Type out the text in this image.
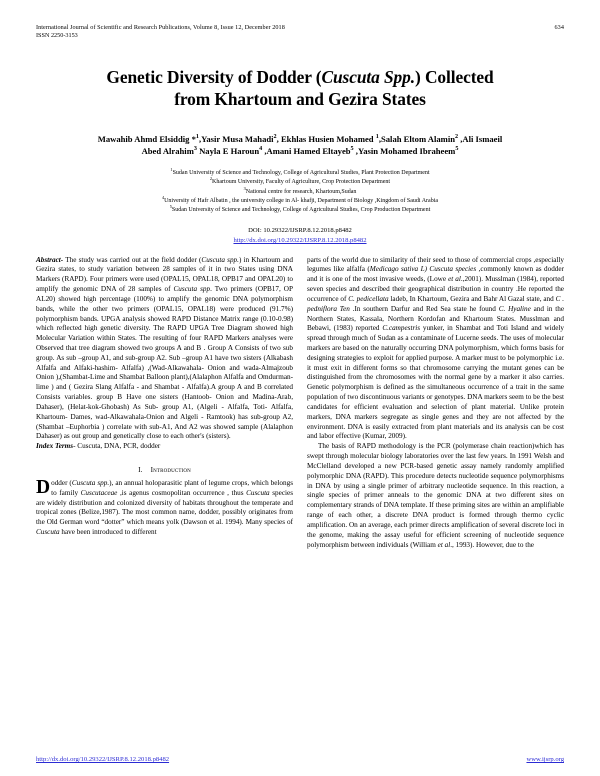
International Journal of Scientific and Research Publications, Volume 8, Issue 12, December 2018	634
ISSN 2250-3153
Genetic Diversity of Dodder (Cuscuta Spp.) Collected
from Khartoum and Gezira States
Mawahib Ahmd Elsiddig *$^1$,Yasir Musa Mahadi$^2$, Ekhlas Husien Mohamed $^1$,Salah Eltom Alamin$^2$ ,Ali Ismaeil
Abed Alrahim$^3$ Nayla E Haroun$^4$ ,Amani Hamed Eltayeb$^5$ ,Yasin Mohamed Ibraheem$^5$
$^1$Sudan University of Science and Technology, College of Agricultural Studies, Plant Protection Department
$^2$Khartoum University, Faculty of Agriculture, Crop Protection Department
$^3$National centre for research, Khartoum,Sudan
$^4$University of Hafr Albatin , the university college in Al- khafji, Department of Biology ,Kingdom of Saudi Arabia
$^5$Sudan University of Science and Technology, College of Agricultural Studies, Crop Production Department
DOI: 10.29322/IJSRP.8.12.2018.p8482
http://dx.doi.org/10.29322/IJSRP.8.12.2018.p8482

Abstract- The study was carried out at the field dodder (Cuscuta spp.) in Khartoum and Gezira states, to study variation between 28 samples of it in two States using DNA Markers (RAPD). Four primers were used (OPAL15, OPAL18, OPB17 and OPAL20) to amplify the genomic DNA of 28 samples of Cuscuta spp. Two primers (OPB17, OP AL20) showed high percentage (100%) to amplify the genomic DNA polymorphism bands, while the other two primers (OPAL15, OPAL18) were produced (91.7%) polymorphism bands. UPGA analysis showed RAPD Distance Matrix range (0.10-0.98) which reflected high genetic diversity. The RAPD UPGA Tree Diagram showed high Molecular Variation within States. The resulting of four RAPD Markers analyses were Observed that tree diagram showed two groups A and B . Group A Consists of two sub group. As sub –group A1, and sub-group A2. Sub –group A1 have two sisters (Alkabash Alfalfa and Alfaki-hashim- Alfalfa) ,(Wad-Alkawahala- Onion and wada-Almajzoub Onion ),(Shambat-Lime and Shambat Balloon plant),(Alalaphon Alfalfa and Omdurman- lime ) and ( Gezira Slang Alfalfa - and Shambat - Alfalfa).A group A and B correlated Consists variables. group B Have one sisters (Hantoob- Onion and Madina-Arab, Dahaser), (Helat-kok-Ghobash) As Sub- group A1, (Algeli - Alfalfa, Toti- Alfalfa, Khartoum- Dames, wad-Alkawahala-Onion and Algeli - Ramtook) has sub-group A2, (Shambat –Euphorbia ) correlate with sub-A1, And A2 was showed sample (Alalaphon Dahaser) as out group and genetically close to each other's (sisters).

Index Terms- Cuscuta, DNA, PCR, dodder

I. Introduction

Dodder (Cuscuta spp.), an annual holoparasitic plant of legume crops, which belongs to family Cuscutaceae ,is agenus cosmopolitan occurrence , thus Cuscuta species are widely distribution and colonized diversity of habitats throughout the temperate and tropical zones (Belize,1987). The most common name, dodder, possibly originates from the Old German word “dotter” which means yolk (Dawson et al. 1994). Many species of Cuscuta have been introduced to different

parts of the world due to similarity of their seed to those of commercial crops ,especially legumes like alfalfa (Medicago sativa L) Cuscuta species ,commonly known as dodder and it is one of the most invasive weeds, (Lowe et al.,2001). Musslman (1984), reported seven species and described their geographical distribution in country .He reported the occurrence of C. pedicellata ladeb, In Khartoum, Gezira and Bahr Al Gazal state, and C . pedniflora Ten .In southern Darfur and Red Sea state he found C. Hyaline and in the Northern States, Kassala, Northern Kordofan and Khartoum States. Musslman and Bebawi, (1983) reported C.campestris yunker, in Shambat and Toti Island and widely spread through much of Sudan as a contaminate of Lucerne seeds. The uses of molecular markers are based on the naturally occurring DNA polymorphism, which forms basis for designing strategies to exploit for applied purpose. A marker must to be polymorphic i.e. it must exit in different forms so that chromosome carrying the mutant genes can be distinguished from the chromosomes with the normal gene by a marker it also carries. Genetic polymorphism is defined as the simultaneous occurrence of a trait in the same population of two discontinuous variants or genotypes. DNA markers seem to be the best candidates for efficient evaluation and selection of plant material. Unlike protein markers, DNA markers segregate as single genes and they are not affected by the environment. DNA is easily extracted from plant materials and its analysis can be cost and labor effective (Kumar, 2009).

The basis of RAPD methodology is the PCR (polymerase chain reaction)which has swept through molecular biology laboratories over the last few years. In 1991 Welsh and McClelland developed a new PCR-based genetic assay namely randomly amplified polymorphic DNA (RAPD). This procedure detects nucleotide sequence polymorphisms in DNA by using a single primer of arbitrary nucleotide sequence. In this reaction, a single species of primer anneals to the genomic DNA at two different sites on complementary strands of DNA template. If these priming sites are within an amplifiable range of each other, a discrete DNA product is formed through thermo cyclic amplification. On an average, each primer directs amplification of several discrete loci in the genome, making the assay useful for efficient screening of nucleotide sequence polymorphism between individuals (William et al., 1993). However, due to the

http://dx.doi.org/10.29322/IJSRP.8.12.2018.p8482	www.ijsrp.org
